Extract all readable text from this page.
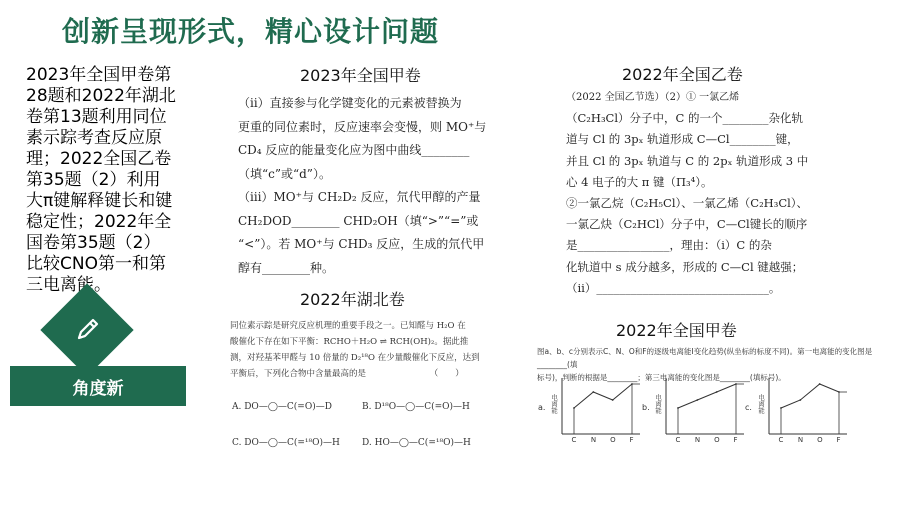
创新呈现形式，精心设计问题
2023年全国甲卷第28题和2022年湖北卷第13题利用同位素示踪考查反应原理；2022全国乙卷第35题（2）利用大π键解释键长和键稳定性；2022年全国卷第35题（2）比较CNO第一和第三电离能。
角度新
2023年全国甲卷
（ⅱ）直接参与化学键变化的元素被替换为
更重的同位素时，反应速率会变慢，则 MO⁺与
CD₄ 反应的能量变化应为图中曲线________
（填“c”或“d”）。
（ⅲ）MO⁺与 CH₂D₂ 反应，氘代甲醇的产量
CH₂DOD________ CHD₂OH（填“>”“=”或
“<”）。若 MO⁺与 CHD₃ 反应，生成的氘代甲
醇有________种。
2022年湖北卷
同位素示踪是研究反应机理的重要手段之一。已知醛与 H₂O 在
酸催化下存在如下平衡：RCHO＋H₂O ⇌ RCH(OH)₂。据此推
测，对羟基苯甲醛与 10 倍量的 D₂¹⁸O 在少量酸催化下反应，达到
平衡后，下列化合物中含量最高的是　　　　　　　　（　　）
A. DO—◯—C(=O)—D	B. D¹⁸O—◯—C(=O)—H
C. DO—◯—C(=¹⁸O)—H D. HO—◯—C(=¹⁸O)—H
2022年全国乙卷
（2022 全国乙节选）（2）① 一氯乙烯
（C₂H₃Cl）分子中，C 的一个________杂化轨
道与 Cl 的 3pₓ 轨道形成 C—Cl________键，
并且 Cl 的 3pₓ 轨道与 C 的 2pₓ 轨道形成 3 中
心 4 电子的大 π 键（Π₃⁴）。
②一氯乙烷（C₂H₅Cl）、一氯乙烯（C₂H₃Cl）、
一氯乙炔（C₂HCl）分子中，C—Cl键长的顺序
是________________，理由：（ⅰ）C 的杂
化轨道中 s 成分越多，形成的 C—Cl 键越强；
（ⅱ）______________________________。
2022年全国甲卷
图a、b、c分别表示C、N、O和F的逐级电离能Ⅰ变化趋势(纵坐标的标度不同)。第一电离能的变化图是________(填
标号)，判断的根据是________；第三电离能的变化图是________(填标号)。
a. 电离能
C N O F
b. 电离能
C N O F
c. 电离能
C N O F
